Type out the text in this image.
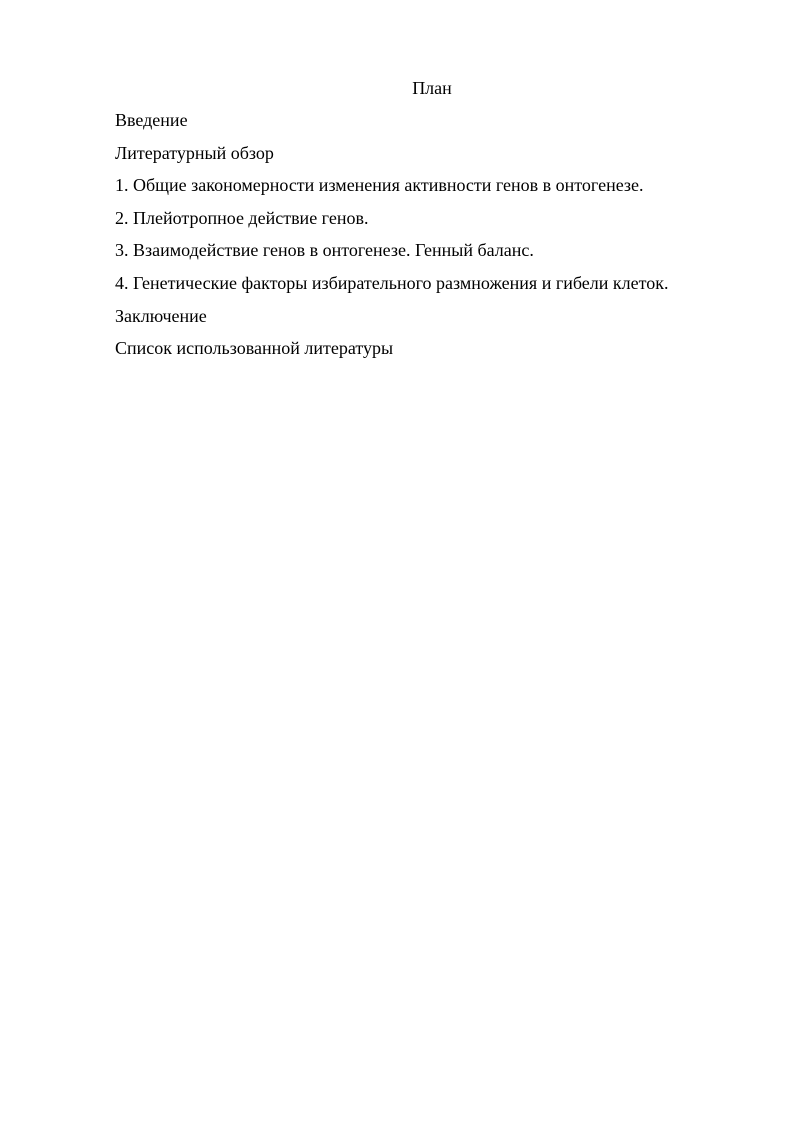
План
Введение
Литературный обзор
1. Общие закономерности изменения активности генов в онтогенезе.
2. Плейотропное действие генов.
3. Взаимодействие генов в онтогенезе. Генный баланс.
4. Генетические факторы избирательного размножения и гибели клеток.
Заключение
Список использованной литературы
